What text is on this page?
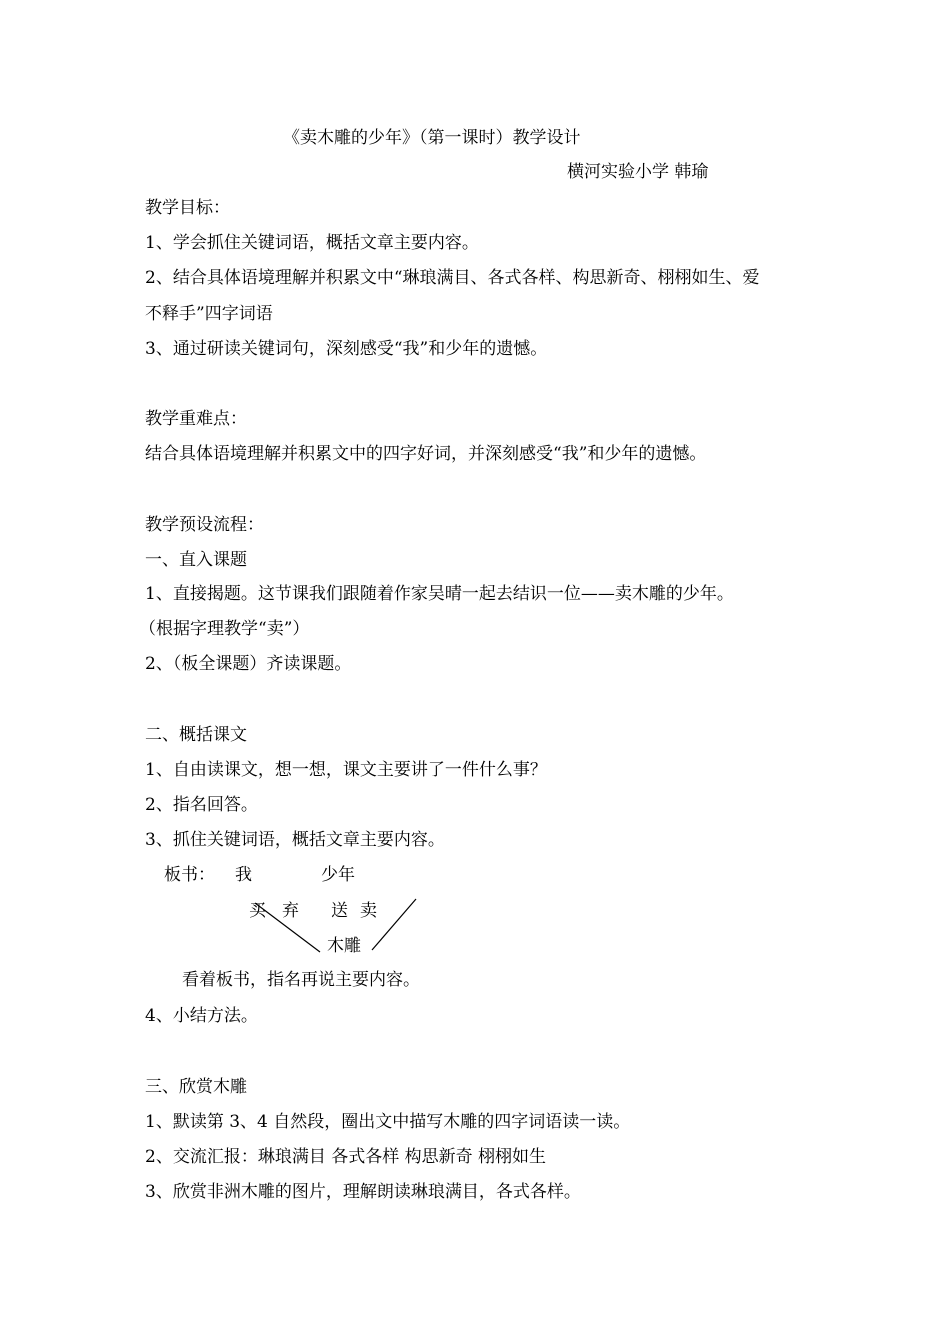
《卖木雕的少年》（第一课时）教学设计
横河实验小学 韩瑜
教学目标：
1、学会抓住关键词语，概括文章主要内容。
2、结合具体语境理解并积累文中“琳琅满目、各式各样、构思新奇、栩栩如生、爱
不释手”四字词语
3、通过研读关键词句，深刻感受“我”和少年的遗憾。
教学重难点：
结合具体语境理解并积累文中的四字好词，并深刻感受“我”和少年的遗憾。
教学预设流程：
一、直入课题
1、直接揭题。这节课我们跟随着作家吴晴一起去结识一位——卖木雕的少年。
（根据字理教学“卖”）
2、（板全课题）齐读课题。
二、概括课文
1、自由读课文，想一想，课文主要讲了一件什么事？
2、指名回答。
3、抓住关键词语，概括文章主要内容。
板书： 我	少年
买 弃 送 卖
木雕
看着板书，指名再说主要内容。
4、小结方法。
三、欣赏木雕
1、默读第 3、4 自然段，圈出文中描写木雕的四字词语读一读。
2、交流汇报：琳琅满目 各式各样 构思新奇 栩栩如生
3、欣赏非洲木雕的图片，理解朗读琳琅满目，各式各样。
